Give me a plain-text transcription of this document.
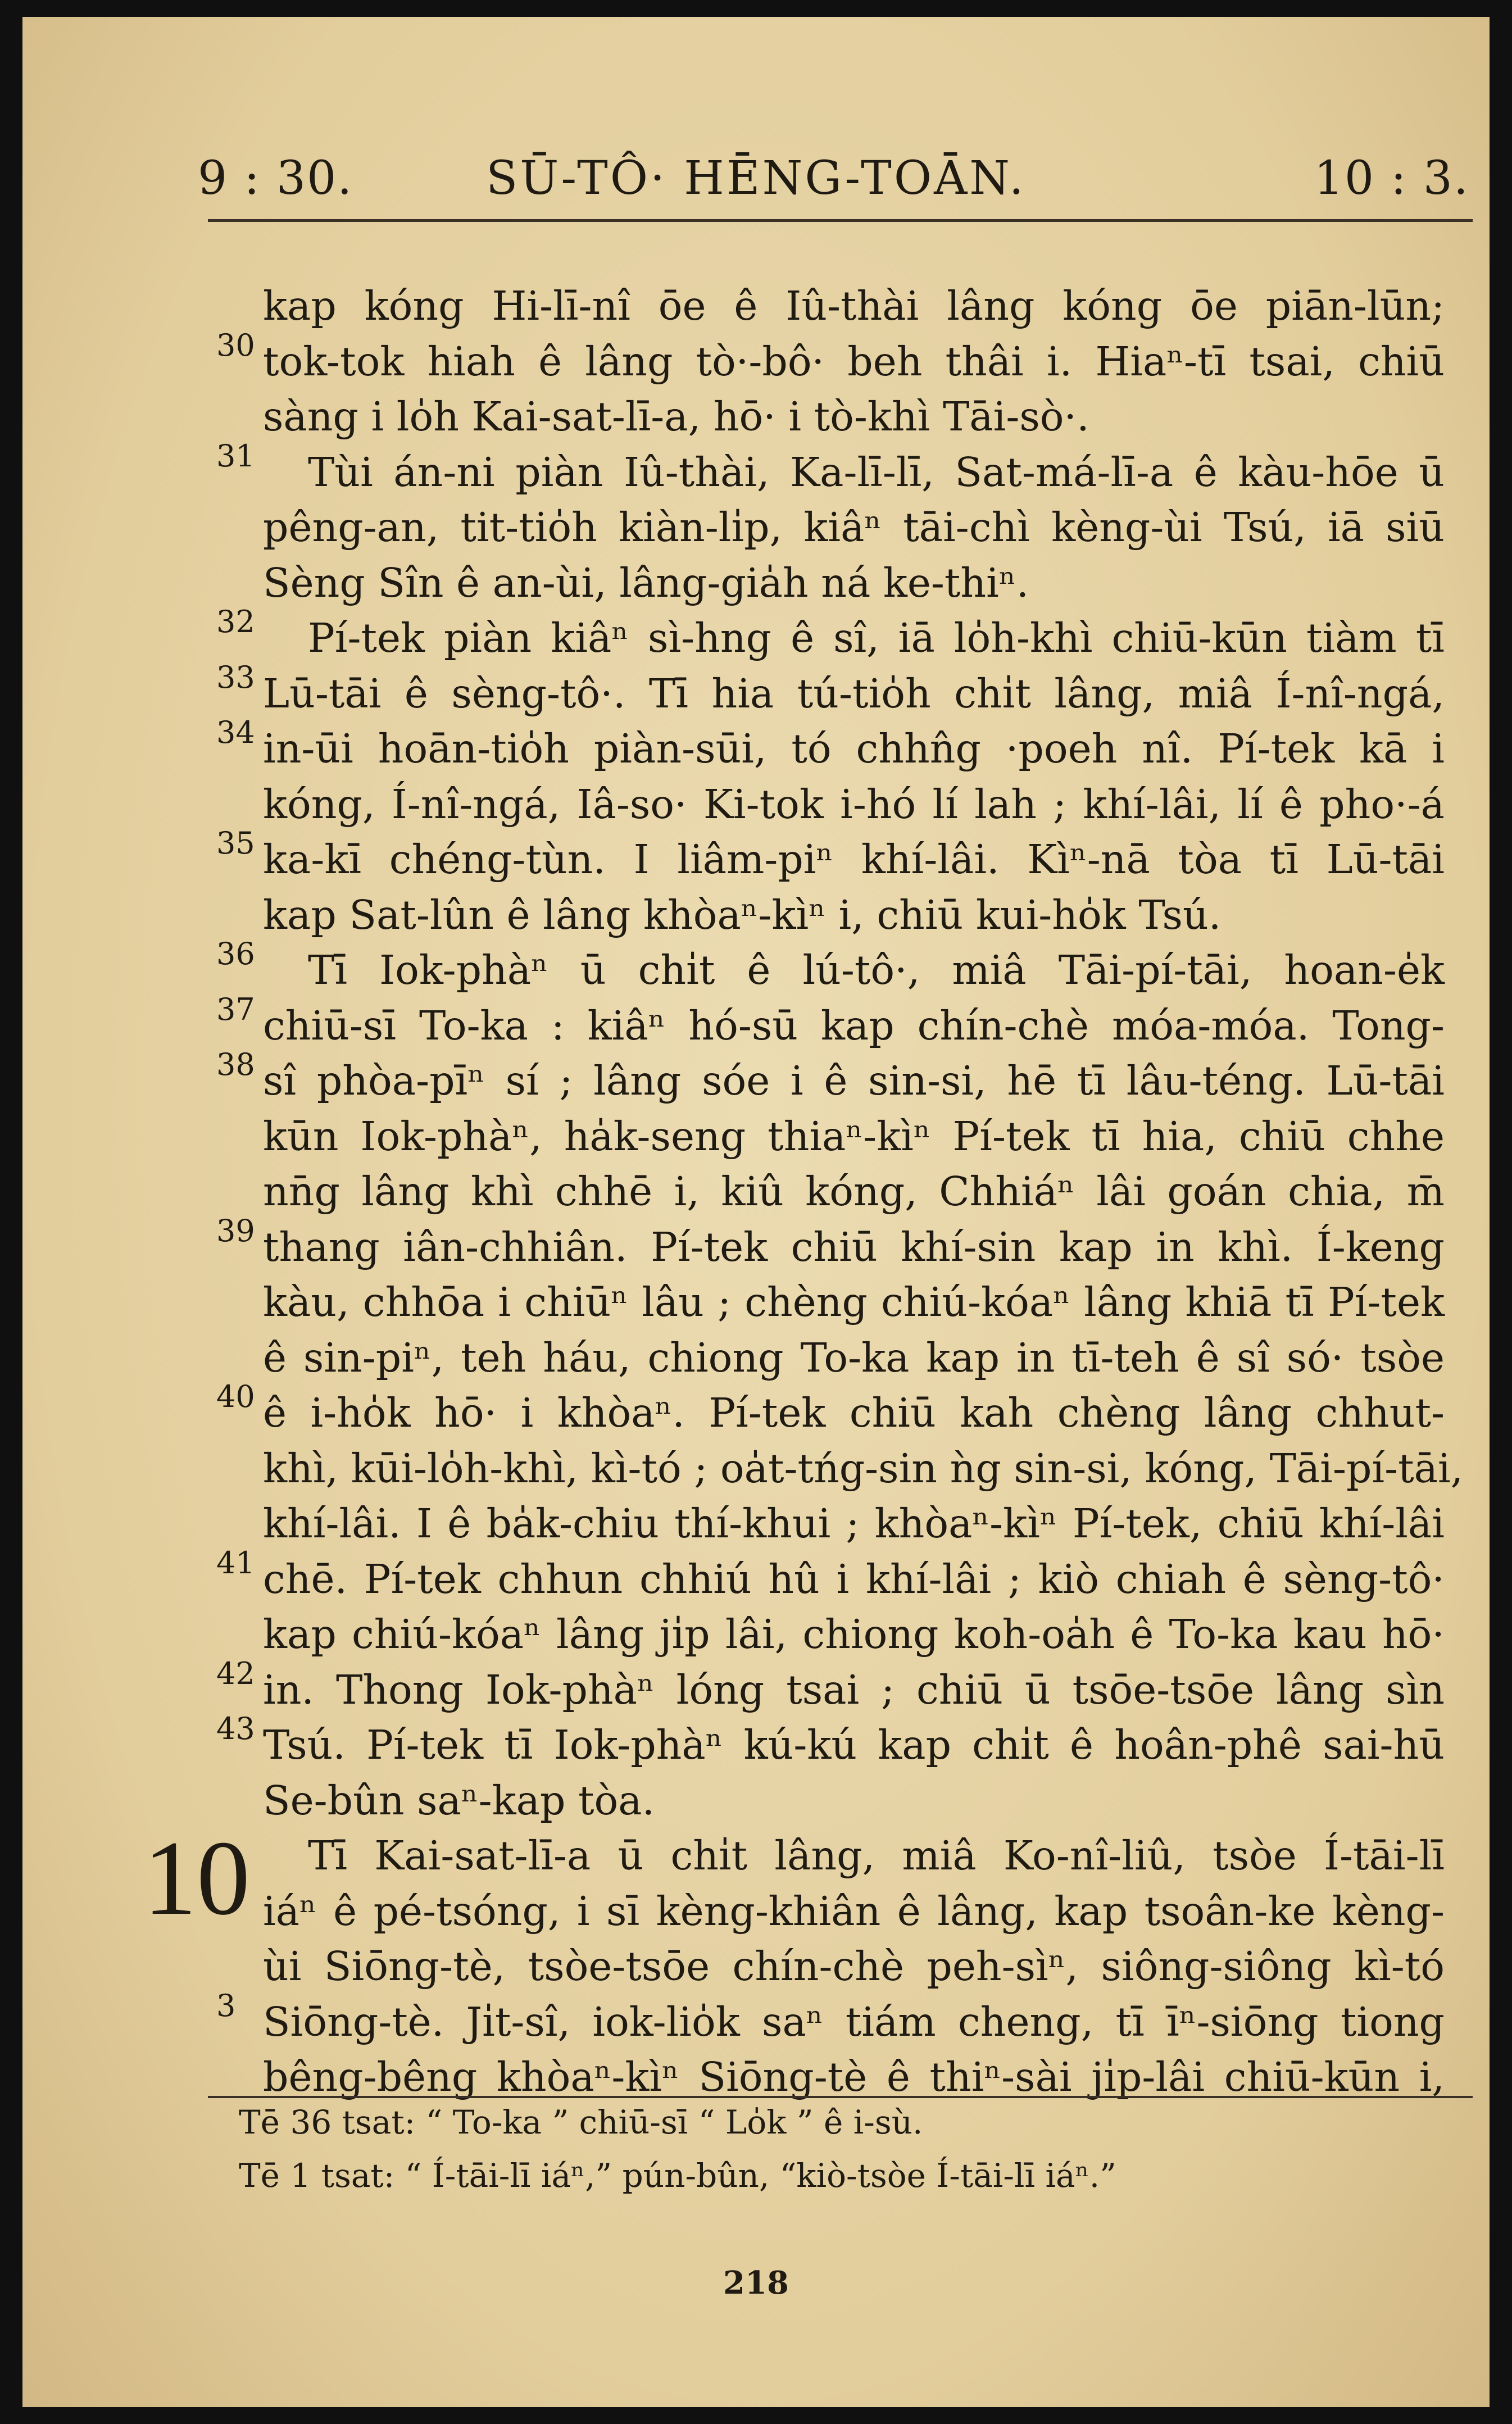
9 : 30.	SŪ-TÔ· HĒNG-TOĀN.	10 : 3.
kap kóng Hi-lī-nî ōe ê Iû-thài lâng kóng ōe piān-lūn;
30 tok-tok hiah ê lâng tò·-bô· beh thâi i. Hiaⁿ-tī tsai, chiū
sàng i lo̍h Kai-sat-lī-a, hō· i tò-khì Tāi-sò·.
31	Tùi án-ni piàn Iû-thài, Ka-lī-lī, Sat-má-lī-a ê kàu-hōe ū
pêng-an, tit-tio̍h kiàn-li̍p, kiâⁿ tāi-chì kèng-ùi Tsú, iā siū
Sèng Sîn ê an-ùi, lâng-gia̍h ná ke-thiⁿ.
32	Pí-tek piàn kiâⁿ sì-hng ê sî, iā lo̍h-khì chiū-kūn tiàm tī
33 Lū-tāi ê sèng-tô·. Tī hia tú-tio̍h chi̍t lâng, miâ Í-nî-ngá,
34 in-ūi hoān-tio̍h piàn-sūi, tó chhn̂g ·poeh nî. Pí-tek kā i
kóng, Í-nî-ngá, Iâ-so· Ki-tok i-hó lí lah ; khí-lâi, lí ê pho·-á
35 ka-kī chéng-tùn. I liâm-piⁿ khí-lâi. Kìⁿ-nā tòa tī Lū-tāi
kap Sat-lûn ê lâng khòaⁿ-kìⁿ i, chiū kui-ho̍k Tsú.
36	Tī Iok-phàⁿ ū chi̍t ê lú-tô·, miâ Tāi-pí-tāi, hoan-e̍k
37 chiū-sī To-ka : kiâⁿ hó-sū kap chín-chè móa-móa. Tong-
38 sî phòa-pīⁿ sí ; lâng sóe i ê sin-si, hē tī lâu-téng. Lū-tāi
kūn Iok-phàⁿ, ha̍k-seng thiaⁿ-kìⁿ Pí-tek tī hia, chiū chhe
nn̄g lâng khì chhē i, kiû kóng, Chhiáⁿ lâi goán chia, m̄
39 thang iân-chhiân. Pí-tek chiū khí-sin kap in khì. Í-keng
kàu, chhōa i chiūⁿ lâu ; chèng chiú-kóaⁿ lâng khiā tī Pí-tek
ê sin-piⁿ, teh háu, chiong To-ka kap in tī-teh ê sî só· tsòe
40 ê i-ho̍k hō· i khòaⁿ. Pí-tek chiū kah chèng lâng chhut-
khì, kūi-lo̍h-khì, kì-tó ; oa̍t-tńg-sin ǹg sin-si, kóng, Tāi-pí-tāi,
khí-lâi. I ê ba̍k-chiu thí-khui ; khòaⁿ-kìⁿ Pí-tek, chiū khí-lâi
41 chē. Pí-tek chhun chhiú hû i khí-lâi ; kiò chiah ê sèng-tô·
kap chiú-kóaⁿ lâng ji̍p lâi, chiong koh-oa̍h ê To-ka kau hō·
42 in. Thong Iok-phàⁿ lóng tsai ; chiū ū tsōe-tsōe lâng sìn
43 Tsú. Pí-tek tī Iok-phàⁿ kú-kú kap chi̍t ê hoân-phê sai-hū
Se-bûn saⁿ-kap tòa.
10	Tī Kai-sat-lī-a ū chi̍t lâng, miâ Ko-nî-liû, tsòe Í-tāi-lī
iáⁿ ê pé-tsóng, i sī kèng-khiân ê lâng, kap tsoân-ke kèng-
ùi Siōng-tè, tsòe-tsōe chín-chè peh-sìⁿ, siông-siông kì-tó
3 Siōng-tè. Ji̍t-sî, iok-lio̍k saⁿ tiám cheng, tī īⁿ-siōng tiong
bêng-bêng khòaⁿ-kìⁿ Siōng-tè ê thiⁿ-sài ji̍p-lâi chiū-kūn i,
Tē 36 tsat: “ To-ka ” chiū-sī “ Lo̍k ” ê i-sù.
Tē 1 tsat: “ Í-tāi-lī iáⁿ,” pún-bûn, “kiò-tsòe Í-tāi-lī iáⁿ.”
218
